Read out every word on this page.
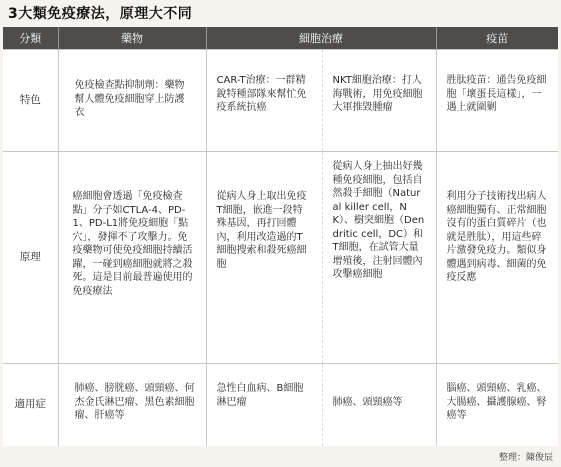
3大類免疫療法，原理大不同
分類	藥物	細胞治療		疫苗
特色	免疫檢查點抑制劑：藥物幫人體免疫細胞穿上防護衣	CAR-T治療：一群精銳特種部隊來幫忙免疫系統抗癌	NKT細胞治療：打人海戰術，用免疫細胞大軍推毀腫瘤	胜肽疫苗：通告免疫細胞「壞蛋長這樣」，一遇上就圍剿

原理	癌細胞會透過「免疫檢查點」分子如CTLA-4、PD-1、PD-L1將免疫細胞「點穴」，發揮不了攻擊力。免疫藥物可使免疫細胞持續活躍，一碰到癌細胞就將之殺死。這是目前最普遍使用的免疫療法	從病人身上取出免疫T細胞，嵌進一段特殊基因，再打回體內，利用改造過的T細胞搜索和殺死癌細胞	從病人身上抽出好幾種免疫細胞，包括自然殺手細胞（Natural killer cell，NK）、樹突細胞（Dendritic cell，DC）和T細胞，在試管大量增殖後，注射回體內攻擊癌細胞	利用分子技術找出病人癌細胞獨有、正常細胞沒有的蛋白質碎片（也就是胜肽），用這些碎片激發免疫力。類似身體遇到病毒、細菌的免疫反應

適用症	肺癌、膀胱癌、頭頸癌、何杰金氏淋巴瘤、黑色素細胞瘤、肝癌等	急性白血病、B細胞淋巴瘤	肺癌、頭頸癌等	腦癌、頭頸癌、乳癌、大腸癌、攝護腺癌、腎癌等
整理：陳俊辰
